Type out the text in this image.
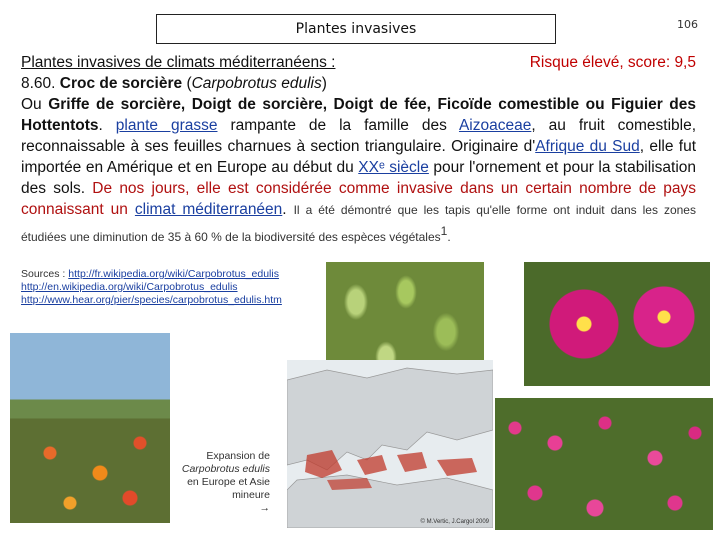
Plantes invasives	106
Plantes invasives de climats méditerranéens :	Risque élevé, score: 9,5
8.60. Croc de sorcière (Carpobrotus edulis)
Ou Griffe de sorcière, Doigt de sorcière, Doigt de fée, Ficoïde comestible ou Figuier des Hottentots. plante grasse rampante de la famille des Aizoaceae, au fruit comestible, reconnaissable à ses feuilles charnues à section triangulaire. Originaire d'Afrique du Sud, elle fut importée en Amérique et en Europe au début du XXᵉ siècle pour l'ornement et pour la stabilisation des sols. De nos jours, elle est considérée comme invasive dans un certain nombre de pays connaissant un climat méditerranéen. Il a été démontré que les tapis qu'elle forme ont induit dans les zones étudiées une diminution de 35 à 60 % de la biodiversité des espèces végétales$^1$.
Sources : http://fr.wikipedia.org/wiki/Carpobrotus_edulis
http://en.wikipedia.org/wiki/Carpobrotus_edulis
http://www.hear.org/pier/species/carpobrotus_edulis.htm
© M.Vertic, J.Cargol 2009
Expansion de
Carpobrotus edulis en Europe et Asie mineure
→
